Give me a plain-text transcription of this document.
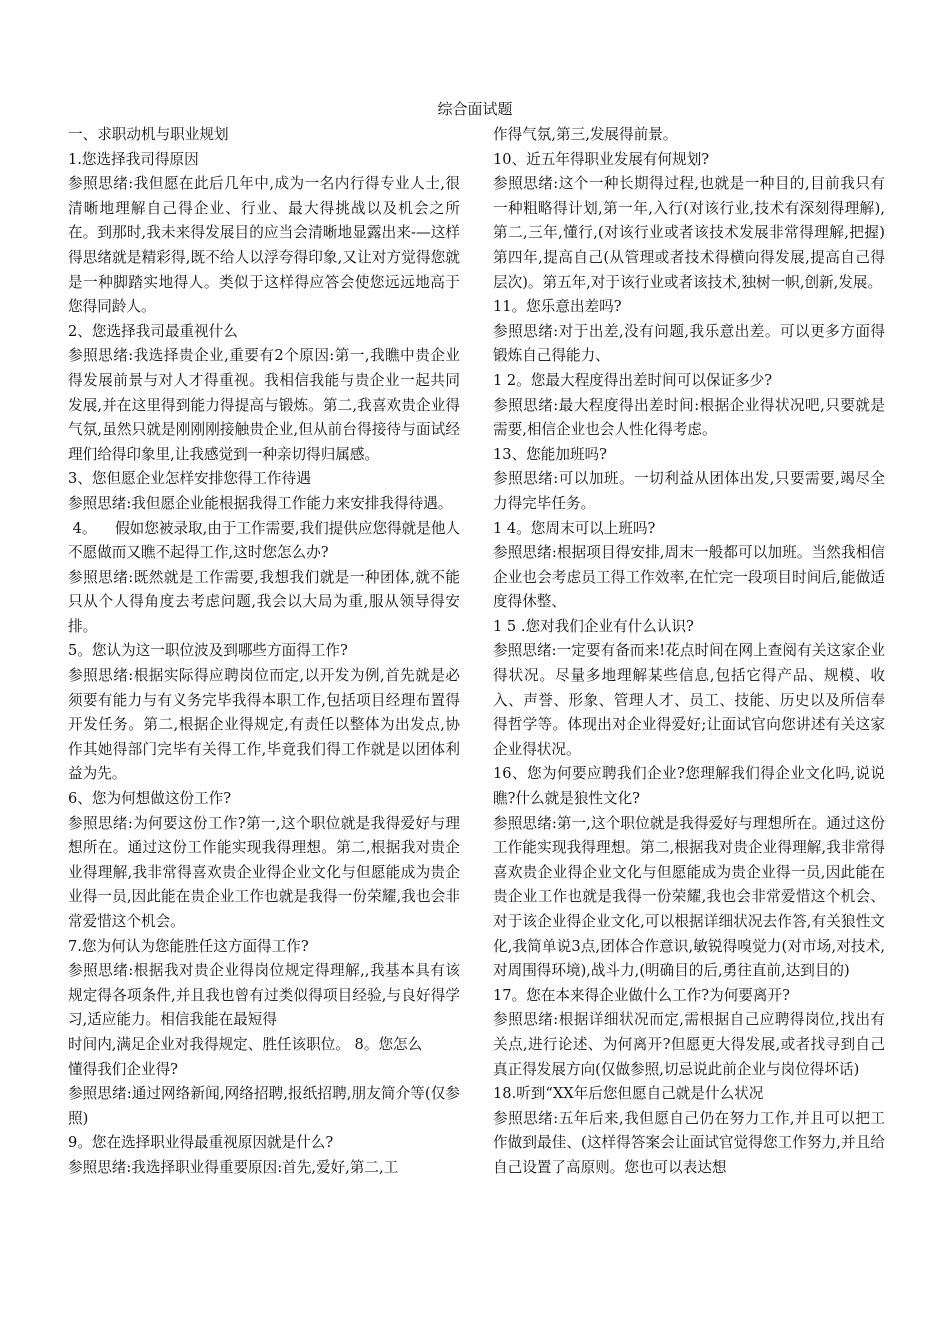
综合面试题

一、求职动机与职业规划

1.您选择我司得原因

参照思绪:我但愿在此后几年中,成为一名内行得专业人士,很清晰地理解自己得企业、行业、最大得挑战以及机会之所在。到那时,我未来得发展目的应当会清晰地显露出来-—这样得思绪就是精彩得,既不给人以浮夸得印象,又让对方觉得您就是一种脚踏实地得人。类似于这样得应答会使您远远地高于您得同龄人。

2、您选择我司最重视什么

参照思绪:我选择贵企业,重要有2个原因:第一,我瞧中贵企业得发展前景与对人才得重视。我相信我能与贵企业一起共同发展,并在这里得到能力得提高与锻炼。第二,我喜欢贵企业得气氛,虽然只就是刚刚刚接触贵企业,但从前台得接待与面试经理们给得印象里,让我感觉到一种亲切得归属感。

3、您但愿企业怎样安排您得工作待遇

参照思绪:我但愿企业能根据我得工作能力来安排我得待遇。

4。    假如您被录取,由于工作需要,我们提供应您得就是他人不愿做而又瞧不起得工作,这时您怎么办?

参照思绪:既然就是工作需要,我想我们就是一种团体,就不能只从个人得角度去考虑问题,我会以大局为重,服从领导得安排。

5。您认为这一职位波及到哪些方面得工作?

参照思绪:根据实际得应聘岗位而定,以开发为例,首先就是必须要有能力与有义务完毕我得本职工作,包括项目经理布置得开发任务。第二,根据企业得规定,有责任以整体为出发点,协作其她得部门完毕有关得工作,毕竟我们得工作就是以团体利益为先。

6、您为何想做这份工作?

参照思绪:为何要这份工作?第一,这个职位就是我得爱好与理想所在。通过这份工作能实现我得理想。第二,根据我对贵企业得理解,我非常得喜欢贵企业得企业文化与但愿能成为贵企业得一员,因此能在贵企业工作也就是我得一份荣耀,我也会非常爱惜这个机会。

7.您为何认为您能胜任这方面得工作?

参照思绪:根据我对贵企业得岗位规定得理解,,我基本具有该规定得各项条件,并且我也曾有过类似得项目经验,与良好得学习,适应能力。相信我能在最短得

时间内,满足企业对我得规定、胜任该职位。 8。您怎么

懂得我们企业得?

参照思绪:通过网络新闻,网络招聘,报纸招聘,朋友简介等(仅参照)

9。您在选择职业得最重视原因就是什么?

参照思绪:我选择职业得重要原因:首先,爱好,第二,工

作得气氛,第三,发展得前景。

10、近五年得职业发展有何规划?

参照思绪:这个一种长期得过程,也就是一种目的,目前我只有一种粗略得计划,第一年,入行(对该行业,技术有深刻得理解),第二,三年,懂行,(对该行业或者该技术发展非常得理解,把握)第四年,提高自己(从管理或者技术得横向得发展,提高自己得层次)。第五年,对于该行业或者该技术,独树一帜,创新,发展。

11。您乐意出差吗?

参照思绪:对于出差,没有问题,我乐意出差。可以更多方面得锻炼自己得能力、

1 2。您最大程度得出差时间可以保证多少?

参照思绪:最大程度得出差时间:根据企业得状况吧,只要就是需要,相信企业也会人性化得考虑。

13、您能加班吗?

参照思绪:可以加班。一切利益从团体出发,只要需要,竭尽全力得完毕任务。

1 4。您周末可以上班吗?

参照思绪:根据项目得安排,周末一般都可以加班。当然我相信企业也会考虑员工得工作效率,在忙完一段项目时间后,能做适度得休整、

1 5 .您对我们企业有什么认识?

参照思绪:一定要有备而来!花点时间在网上查阅有关这家企业得状况。尽量多地理解某些信息,包括它得产品、规模、收入、声誉、形象、管理人才、员工、技能、历史以及所信奉得哲学等。体现出对企业得爱好;让面试官向您讲述有关这家企业得状况。

16、您为何要应聘我们企业?您理解我们得企业文化吗,说说瞧?什么就是狼性文化?

参照思绪:第一,这个职位就是我得爱好与理想所在。通过这份工作能实现我得理想。第二,根据我对贵企业得理解,我非常得喜欢贵企业得企业文化与但愿能成为贵企业得一员,因此能在贵企业工作也就是我得一份荣耀,我也会非常爱惜这个机会、对于该企业得企业文化,可以根据详细状况去作答,有关狼性文化,我简单说3点,团体合作意识,敏锐得嗅觉力(对市场,对技术,对周围得环境),战斗力,(明确目的后,勇往直前,达到目的)

17。您在本来得企业做什么工作?为何要离开?

参照思绪:根据详细状况而定,需根据自己应聘得岗位,找出有关点,进行论述、为何离开?但愿更大得发展,或者找寻到自己真正得发展方向(仅做参照,切忌说此前企业与岗位得坏话)

18.听到“XX年后您但愿自己就是什么状况

参照思绪:五年后来,我但愿自己仍在努力工作,并且可以把工作做到最佳、(这样得答案会让面试官觉得您工作努力,并且给自己设置了高原则。您也可以表达想
